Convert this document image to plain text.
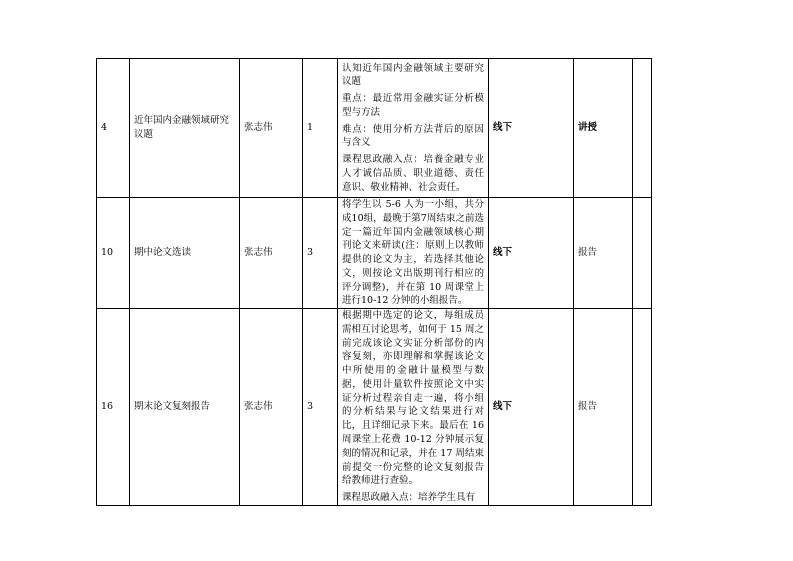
4	近年国内金融领域研究议题	张志伟	1	认知近年国内金融领域主要研究议题

重点：最近常用金融实证分析模型与方法

难点：使用分析方法背后的原因与含义

课程思政融入点：培養金融专业人才诚信品质、职业道德、责任意识、敬业精神、社会责任。	线下	讲授	
10	期中论文选读	张志伟	3	将学生以 5-6 人为一小组，共分成10组，最晚于第7周结束之前选定一篇近年国内金融领域核心期刊论文来研读(注：原则上以教师提供的论文为主，若选择其他论文，则按论文出版期刊行相应的评分调整)，并在第 10 周课堂上进行10-12 分钟的小组报告。	线下	报告	
16	期末论文复刻报告	张志伟	3	根据期中选定的论文，每组成员需相互讨论思考，如何于 15 周之前完成该论文实证分析部份的内容复刻，亦即理解和掌握该论文中所使用的金融计量模型与数据，使用计量软件按照论文中实证分析过程亲自走一遍，将小组的分析结果与论文结果进行对比，且详细记录下来。最后在 16 周课堂上花费 10-12 分钟展示复刻的情况和记录，并在 17 周结束前提交一份完整的论文复刻报告给教师进行查验。

课程思政融入点：培养学生具有	线下	报告	
